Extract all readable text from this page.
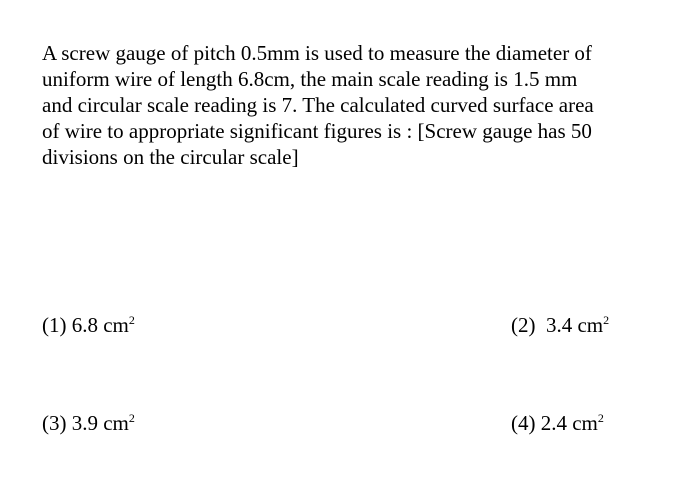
A screw gauge of pitch 0.5mm is used to measure the diameter of
uniform wire of length 6.8cm, the main scale reading is 1.5 mm
and circular scale reading is 7. The calculated curved surface area
of wire to appropriate significant figures is : [Screw gauge has 50
divisions on the circular scale]
(1) 6.8 $cm^2$	(2)  3.4 $cm^2$
(3) 3.9 $cm^2$	(4) 2.4 $cm^2$
